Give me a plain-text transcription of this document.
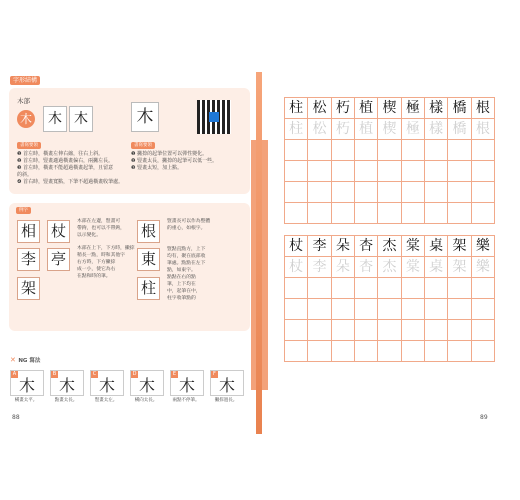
字形結構
木部
木	木 木	木
書寫要領
❶ 首左時，橫畫左伸右縮，往右上斜。
❷ 首左時，豎畫適過橫畫偏右，兩撇左長。
❸ 首左時，橫畫不能超過橫畫起筆，且留意
的斜。
❹ 首右時，豎畫寬點，下筆不超過橫畫收筆處。
書寫要領
❶ 撇捺的起筆位置可以彈性變化。
❷ 豎畫太長，撇捺的起筆可以低一些。
❸ 豎畫太短，加上點。
例字
相 杖
李 亭
架
木部在左邊，豎畫可
帶鉤，也可以不帶鉤，
以示變化。
木部在上下，下方時，撇捺
稍長一點，時和其他字
右方時，下方撇捺
成一小，使它為右
在點和時的筆。
根
東
柱
豎畫長可以作為整體
的重心，如根字。
豎點直點方，上下
均有，聚在底部收
筆處。點點在左下
點，如東字。
點點在右的點
筆，上下均在
中，起筆在中，
柱字收筆點的
✕ NG 寫法
A
木
橫畫太平。
B
木
點畫太長。
C
木
豎畫太左。
D
木
橫向太長。
E
木
兩點不停筆。
F
木
撇捺過長。
88
柱 松 朽 植 楔 極 樣 橋 根
柱 松 朽 植 楔 極 樣 橋 根
杖 李 朵 杏 杰 棠 桌 架 樂
杖 李 朵 杏 杰 棠 桌 架 樂
89
